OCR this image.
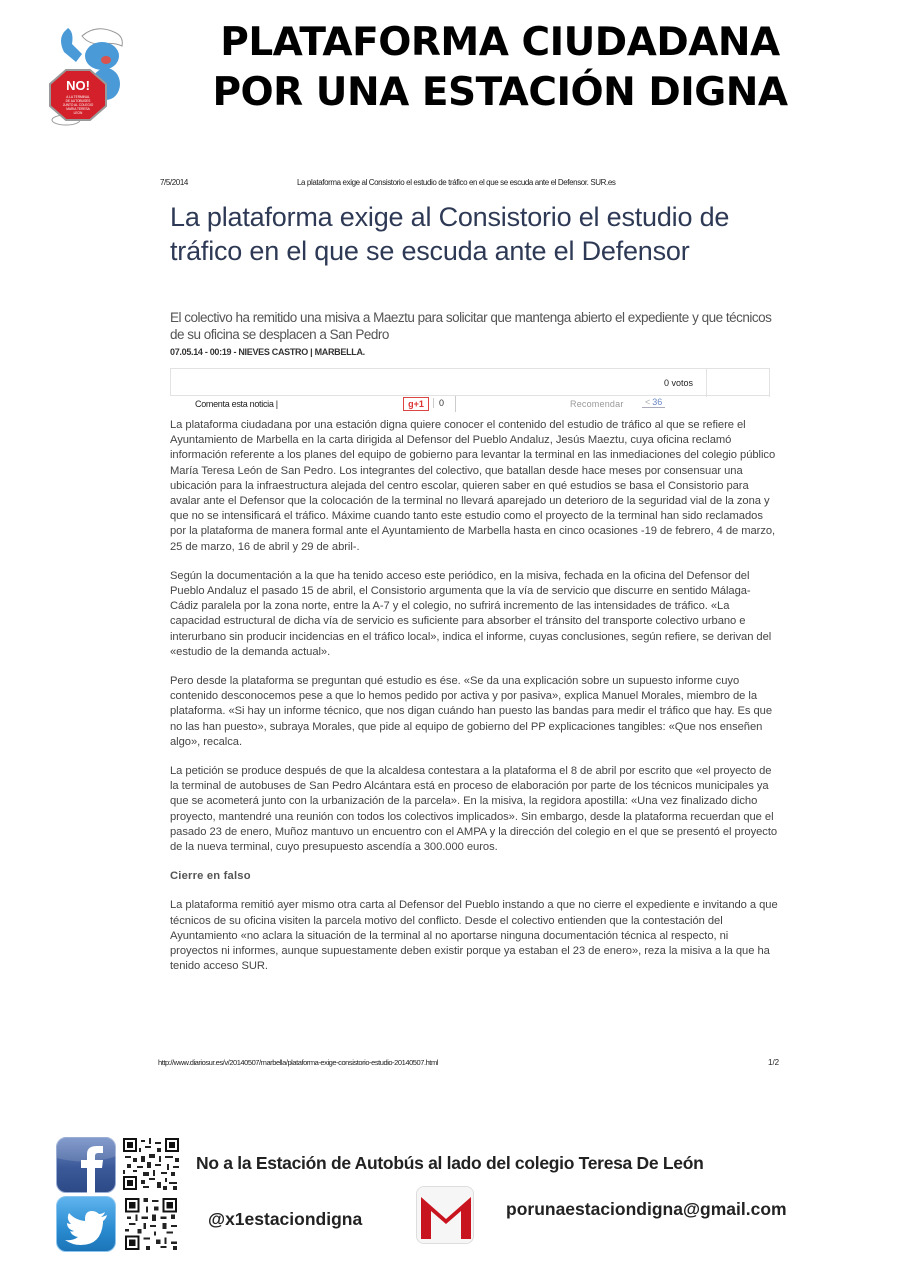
NO!
A LA TERMINAL
DE AUTOBUSES
JUNTO AL COLEGIO
MARIA TERESA
LEON
PLATAFORMA CIUDADANA
POR UNA ESTACIÓN DIGNA
7/5/2014	La plataforma exige al Consistorio el estudio de tráfico en el que se escuda ante el Defensor. SUR.es
La plataforma exige al Consistorio el estudio de tráfico en el que se escuda ante el Defensor
El colectivo ha remitido una misiva a Maeztu para solicitar que mantenga abierto el expediente y que técnicos de su oficina se desplacen a San Pedro
07.05.14 - 00:19 - NIEVES CASTRO | MARBELLA.
0 votos
Comenta esta noticia |	g+1	0	Recomendar	< 36

La plataforma ciudadana por una estación digna quiere conocer el contenido del estudio de tráfico al que se refiere el Ayuntamiento de Marbella en la carta dirigida al Defensor del Pueblo Andaluz, Jesús Maeztu, cuya oficina reclamó información referente a los planes del equipo de gobierno para levantar la terminal en las inmediaciones del colegio público María Teresa León de San Pedro. Los integrantes del colectivo, que batallan desde hace meses por consensuar una ubicación para la infraestructura alejada del centro escolar, quieren saber en qué estudios se basa el Consistorio para avalar ante el Defensor que la colocación de la terminal no llevará aparejado un deterioro de la seguridad vial de la zona y que no se intensificará el tráfico. Máxime cuando tanto este estudio como el proyecto de la terminal han sido reclamados por la plataforma de manera formal ante el Ayuntamiento de Marbella hasta en cinco ocasiones -19 de febrero, 4 de marzo, 25 de marzo, 16 de abril y 29 de abril-.

Según la documentación a la que ha tenido acceso este periódico, en la misiva, fechada en la oficina del Defensor del Pueblo Andaluz el pasado 15 de abril, el Consistorio argumenta que la vía de servicio que discurre en sentido Málaga-Cádiz paralela por la zona norte, entre la A-7 y el colegio, no sufrirá incremento de las intensidades de tráfico. «La capacidad estructural de dicha vía de servicio es suficiente para absorber el tránsito del transporte colectivo urbano e interurbano sin producir incidencias en el tráfico local», indica el informe, cuyas conclusiones, según refiere, se derivan del «estudio de la demanda actual».

Pero desde la plataforma se preguntan qué estudio es ése. «Se da una explicación sobre un supuesto informe cuyo contenido desconocemos pese a que lo hemos pedido por activa y por pasiva», explica Manuel Morales, miembro de la plataforma. «Si hay un informe técnico, que nos digan cuándo han puesto las bandas para medir el tráfico que hay. Es que no las han puesto», subraya Morales, que pide al equipo de gobierno del PP explicaciones tangibles: «Que nos enseñen algo», recalca.

La petición se produce después de que la alcaldesa contestara a la plataforma el 8 de abril por escrito que «el proyecto de la terminal de autobuses de San Pedro Alcántara está en proceso de elaboración por parte de los técnicos municipales ya que se acometerá junto con la urbanización de la parcela». En la misiva, la regidora apostilla: «Una vez finalizado dicho proyecto, mantendré una reunión con todos los colectivos implicados». Sin embargo, desde la plataforma recuerdan que el pasado 23 de enero, Muñoz mantuvo un encuentro con el AMPA y la dirección del colegio en el que se presentó el proyecto de la nueva terminal, cuyo presupuesto ascendía a 300.000 euros.

Cierre en falso

La plataforma remitió ayer mismo otra carta al Defensor del Pueblo instando a que no cierre el expediente e invitando a que técnicos de su oficina visiten la parcela motivo del conflicto. Desde el colectivo entienden que la contestación del Ayuntamiento «no aclara la situación de la terminal al no aportarse ninguna documentación técnica al respecto, ni proyectos ni informes, aunque supuestamente deben existir porque ya estaban el 23 de enero», reza la misiva a la que ha tenido acceso SUR.

http://www.diariosur.es/v/20140507/marbella/plataforma-exige-consistorio-estudio-20140507.html	1/2
No a la Estación de Autobús al lado del colegio Teresa De León
@x1estaciondigna	porunaestaciondigna@gmail.com
